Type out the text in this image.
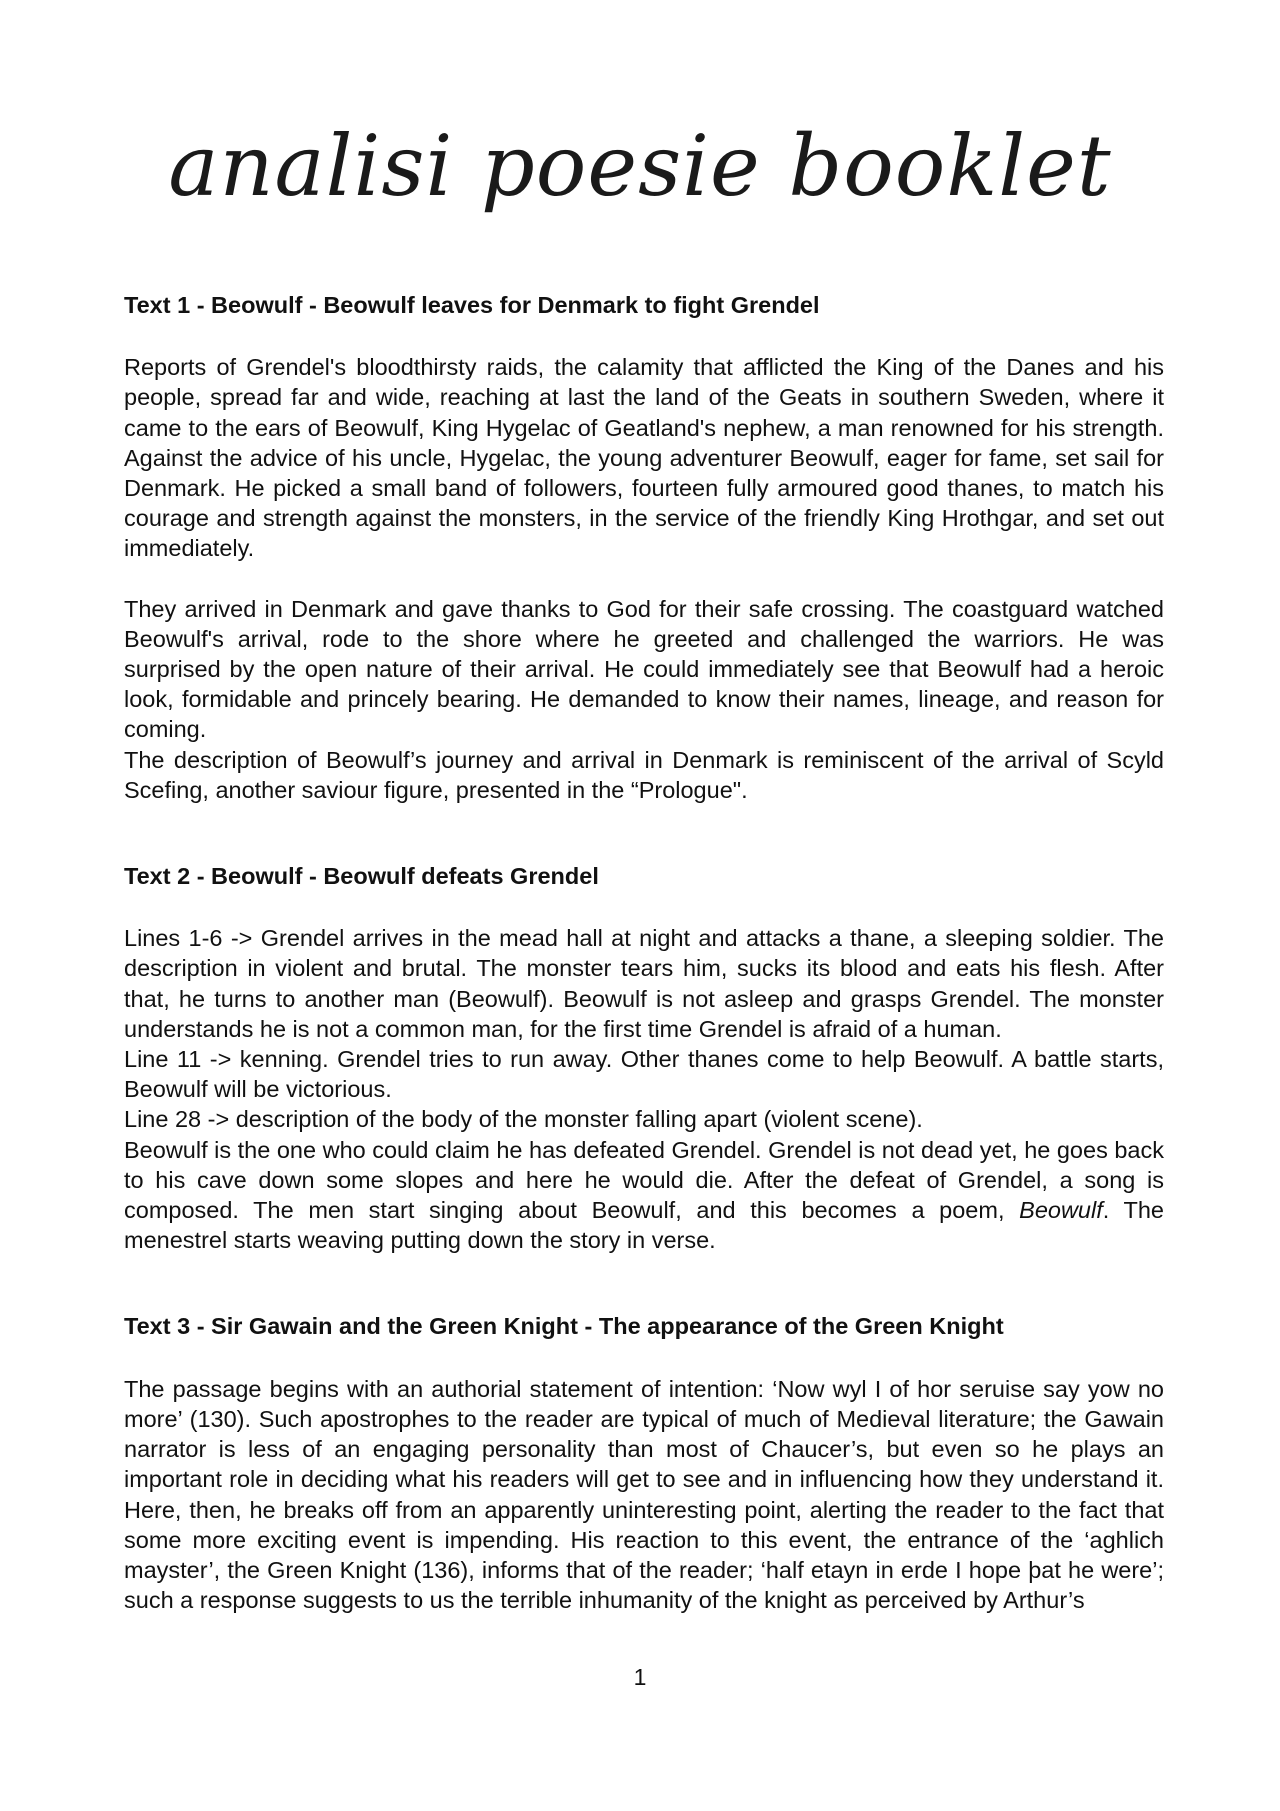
analisi poesie booklet
Text 1 - Beowulf - Beowulf leaves for Denmark to fight Grendel

Reports of Grendel's bloodthirsty raids, the calamity that afflicted the King of the Danes and his people, spread far and wide, reaching at last the land of the Geats in southern Sweden, where it came to the ears of Beowulf, King Hygelac of Geatland's nephew, a man renowned for his strength. Against the advice of his uncle, Hygelac, the young adventurer Beowulf, eager for fame, set sail for Denmark. He picked a small band of followers, fourteen fully armoured good thanes, to match his courage and strength against the monsters, in the service of the friendly King Hrothgar, and set out immediately.

They arrived in Denmark and gave thanks to God for their safe crossing. The coastguard watched Beowulf's arrival, rode to the shore where he greeted and challenged the warriors. He was surprised by the open nature of their arrival. He could immediately see that Beowulf had a heroic look, formidable and princely bearing. He demanded to know their names, lineage, and reason for coming.

The description of Beowulf’s journey and arrival in Denmark is reminiscent of the arrival of Scyld Scefing, another saviour figure, presented in the “Prologue".

Text 2 - Beowulf - Beowulf defeats Grendel

Lines 1-6 -> Grendel arrives in the mead hall at night and attacks a thane, a sleeping soldier. The description in violent and brutal. The monster tears him, sucks its blood and eats his flesh. After that, he turns to another man (Beowulf). Beowulf is not asleep and grasps Grendel. The monster understands he is not a common man, for the first time Grendel is afraid of a human.

Line 11 -> kenning. Grendel tries to run away. Other thanes come to help Beowulf. A battle starts, Beowulf will be victorious.

Line 28 -> description of the body of the monster falling apart (violent scene).

Beowulf is the one who could claim he has defeated Grendel. Grendel is not dead yet, he goes back to his cave down some slopes and here he would die. After the defeat of Grendel, a song is composed. The men start singing about Beowulf, and this becomes a poem, Beowulf. The menestrel starts weaving putting down the story in verse.

Text 3 - Sir Gawain and the Green Knight - The appearance of the Green Knight

The passage begins with an authorial statement of intention: ‘Now wyl I of hor seruise say yow no more’ (130). Such apostrophes to the reader are typical of much of Medieval literature; the Gawain narrator is less of an engaging personality than most of Chaucer’s, but even so he plays an important role in deciding what his readers will get to see and in influencing how they understand it. Here, then, he breaks off from an apparently uninteresting point, alerting the reader to the fact that some more exciting event is impending. His reaction to this event, the entrance of the ‘aghlich mayster’, the Green Knight (136), informs that of the reader; ‘half etayn in erde I hope þat he were’; such a response suggests to us the terrible inhumanity of the knight as perceived by Arthur’s

1
